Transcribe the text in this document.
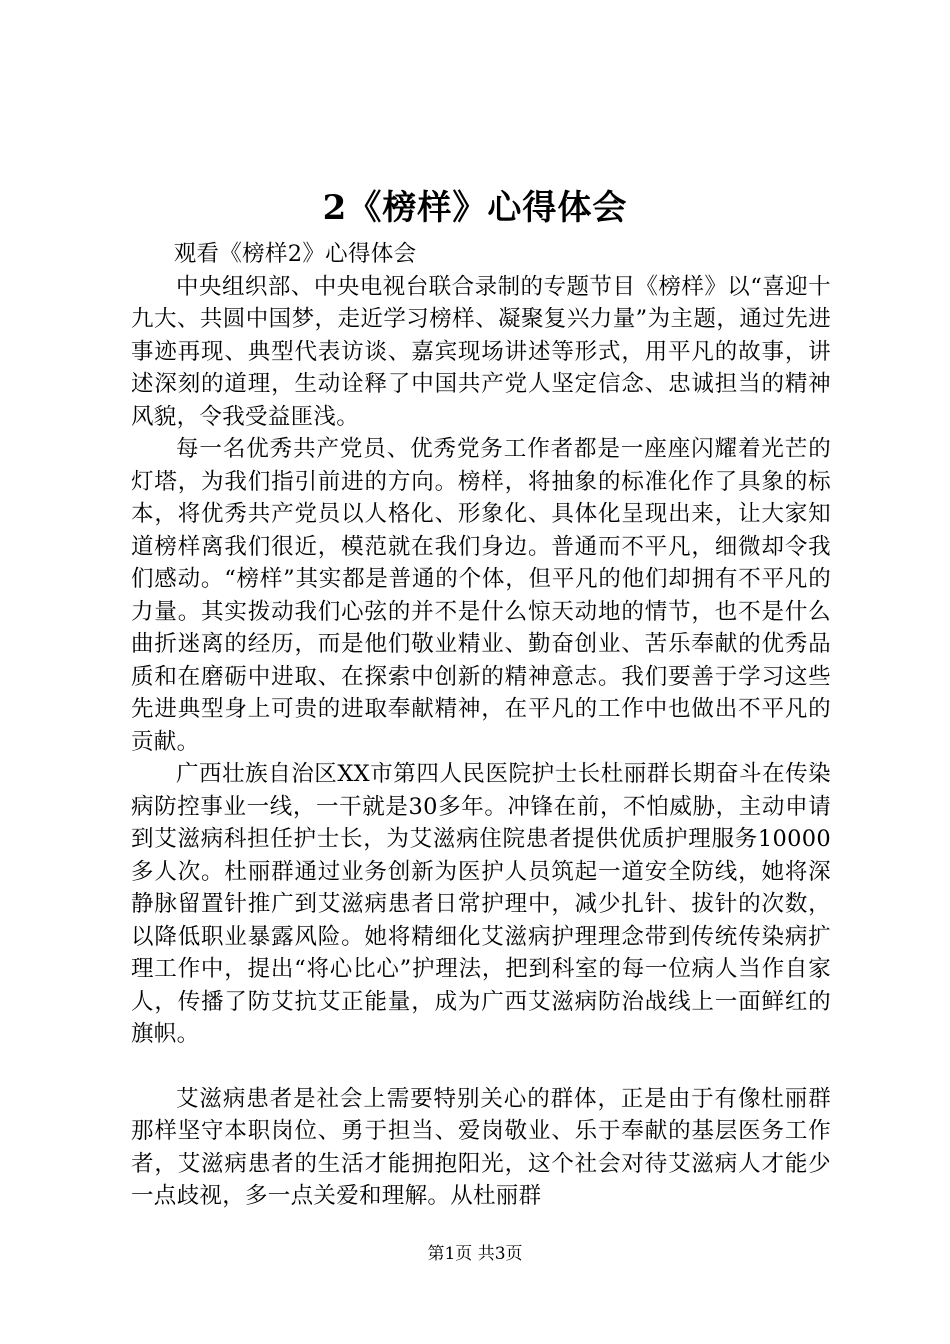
2《榜样》心得体会

观看《榜样2》心得体会

中央组织部、中央电视台联合录制的专题节目《榜样》以“喜迎十九大、共圆中国梦，走近学习榜样、凝聚复兴力量”为主题，通过先进事迹再现、典型代表访谈、嘉宾现场讲述等形式，用平凡的故事，讲述深刻的道理，生动诠释了中国共产党人坚定信念、忠诚担当的精神风貌，令我受益匪浅。

每一名优秀共产党员、优秀党务工作者都是一座座闪耀着光芒的灯塔，为我们指引前进的方向。榜样，将抽象的标准化作了具象的标本，将优秀共产党员以人格化、形象化、具体化呈现出来，让大家知道榜样离我们很近，模范就在我们身边。普通而不平凡，细微却令我们感动。“榜样”其实都是普通的个体，但平凡的他们却拥有不平凡的力量。其实拨动我们心弦的并不是什么惊天动地的情节，也不是什么曲折迷离的经历，而是他们敬业精业、勤奋创业、苦乐奉献的优秀品质和在磨砺中进取、在探索中创新的精神意志。我们要善于学习这些先进典型身上可贵的进取奉献精神，在平凡的工作中也做出不平凡的贡献。

广西壮族自治区XX市第四人民医院护士长杜丽群长期奋斗在传染病防控事业一线，一干就是30多年。冲锋在前，不怕威胁，主动申请到艾滋病科担任护士长，为艾滋病住院患者提供优质护理服务10000多人次。杜丽群通过业务创新为医护人员筑起一道安全防线，她将深静脉留置针推广到艾滋病患者日常护理中，减少扎针、拔针的次数，以降低职业暴露风险。她将精细化艾滋病护理理念带到传统传染病扩理工作中，提出“将心比心”护理法，把到科室的每一位病人当作自家人，传播了防艾抗艾正能量，成为广西艾滋病防治战线上一面鲜红的旗帜。

艾滋病患者是社会上需要特别关心的群体，正是由于有像杜丽群那样坚守本职岗位、勇于担当、爱岗敬业、乐于奉献的基层医务工作者，艾滋病患者的生活才能拥抱阳光，这个社会对待艾滋病人才能少一点歧视，多一点关爱和理解。从杜丽群

第1页 共3页
